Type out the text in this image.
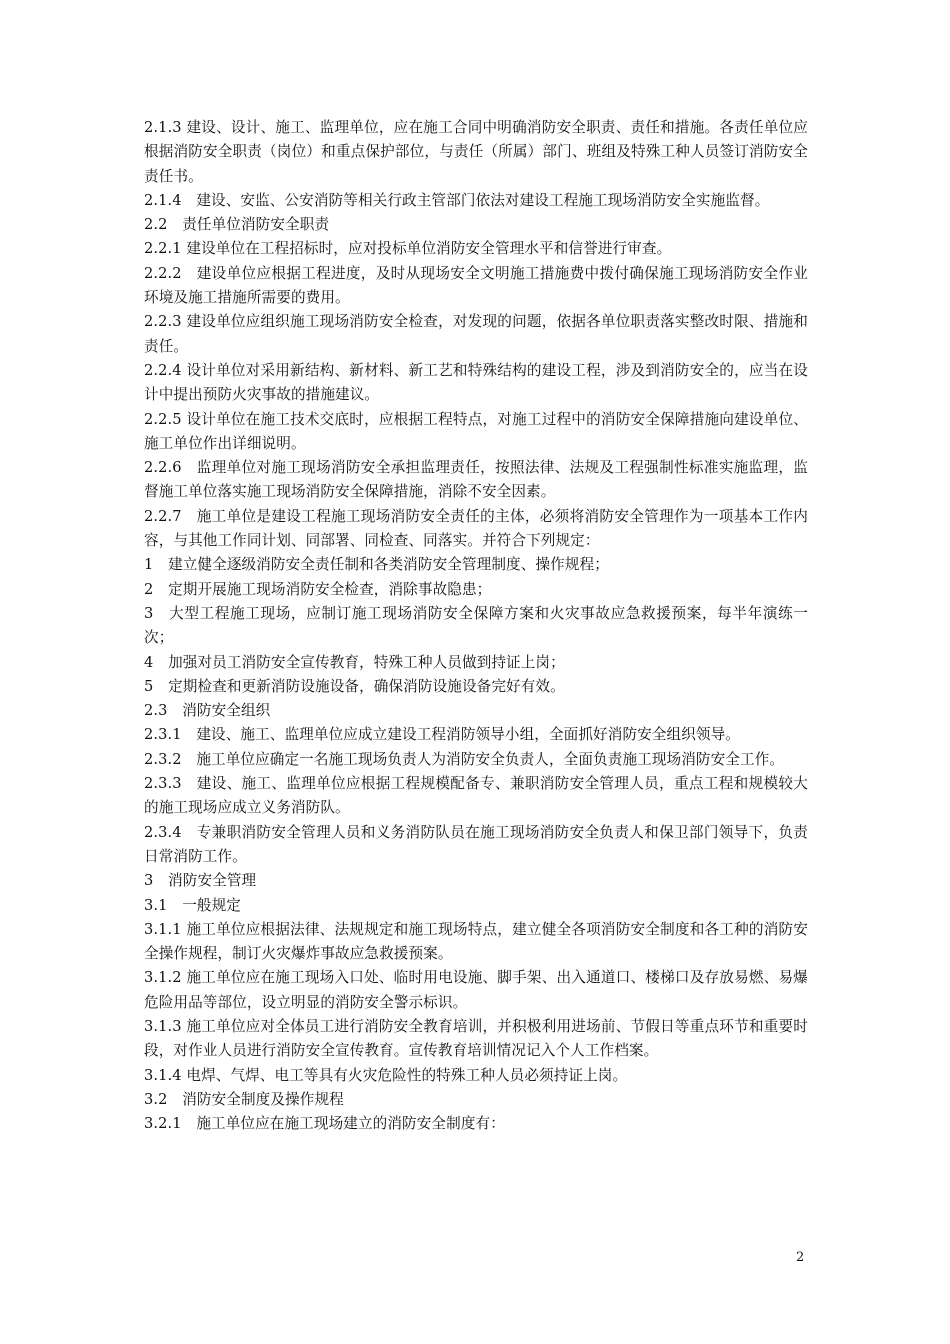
2.1.3 建设、设计、施工、监理单位，应在施工合同中明确消防安全职责、责任和措施。各责任单位应根据消防安全职责（岗位）和重点保护部位，与责任（所属）部门、班组及特殊工种人员签订消防安全责任书。

2.1.4　建设、安监、公安消防等相关行政主管部门依法对建设工程施工现场消防安全实施监督。

2.2　责任单位消防安全职责

2.2.1 建设单位在工程招标时，应对投标单位消防安全管理水平和信誉进行审查。

2.2.2　建设单位应根据工程进度，及时从现场安全文明施工措施费中拨付确保施工现场消防安全作业环境及施工措施所需要的费用。

2.2.3 建设单位应组织施工现场消防安全检查，对发现的问题，依据各单位职责落实整改时限、措施和责任。

2.2.4 设计单位对采用新结构、新材料、新工艺和特殊结构的建设工程，涉及到消防安全的，应当在设计中提出预防火灾事故的措施建议。

2.2.5 设计单位在施工技术交底时，应根据工程特点，对施工过程中的消防安全保障措施向建设单位、施工单位作出详细说明。

2.2.6　监理单位对施工现场消防安全承担监理责任，按照法律、法规及工程强制性标准实施监理，监督施工单位落实施工现场消防安全保障措施，消除不安全因素。

2.2.7　施工单位是建设工程施工现场消防安全责任的主体，必须将消防安全管理作为一项基本工作内容，与其他工作同计划、同部署、同检查、同落实。并符合下列规定：

1　建立健全逐级消防安全责任制和各类消防安全管理制度、操作规程；

2　定期开展施工现场消防安全检查，消除事故隐患；

3　大型工程施工现场，应制订施工现场消防安全保障方案和火灾事故应急救援预案，每半年演练一次；

4　加强对员工消防安全宣传教育，特殊工种人员做到持证上岗；

5　定期检查和更新消防设施设备，确保消防设施设备完好有效。

2.3　消防安全组织

2.3.1　建设、施工、监理单位应成立建设工程消防领导小组，全面抓好消防安全组织领导。

2.3.2　施工单位应确定一名施工现场负责人为消防安全负责人，全面负责施工现场消防安全工作。

2.3.3　建设、施工、监理单位应根据工程规模配备专、兼职消防安全管理人员，重点工程和规模较大的施工现场应成立义务消防队。

2.3.4　专兼职消防安全管理人员和义务消防队员在施工现场消防安全负责人和保卫部门领导下，负责日常消防工作。

3　消防安全管理

3.1　一般规定

3.1.1 施工单位应根据法律、法规规定和施工现场特点，建立健全各项消防安全制度和各工种的消防安全操作规程，制订火灾爆炸事故应急救援预案。

3.1.2 施工单位应在施工现场入口处、临时用电设施、脚手架、出入通道口、楼梯口及存放易燃、易爆危险用品等部位，设立明显的消防安全警示标识。

3.1.3 施工单位应对全体员工进行消防安全教育培训，并积极利用进场前、节假日等重点环节和重要时段，对作业人员进行消防安全宣传教育。宣传教育培训情况记入个人工作档案。

3.1.4 电焊、气焊、电工等具有火灾危险性的特殊工种人员必须持证上岗。

3.2　消防安全制度及操作规程

3.2.1　施工单位应在施工现场建立的消防安全制度有：

2
